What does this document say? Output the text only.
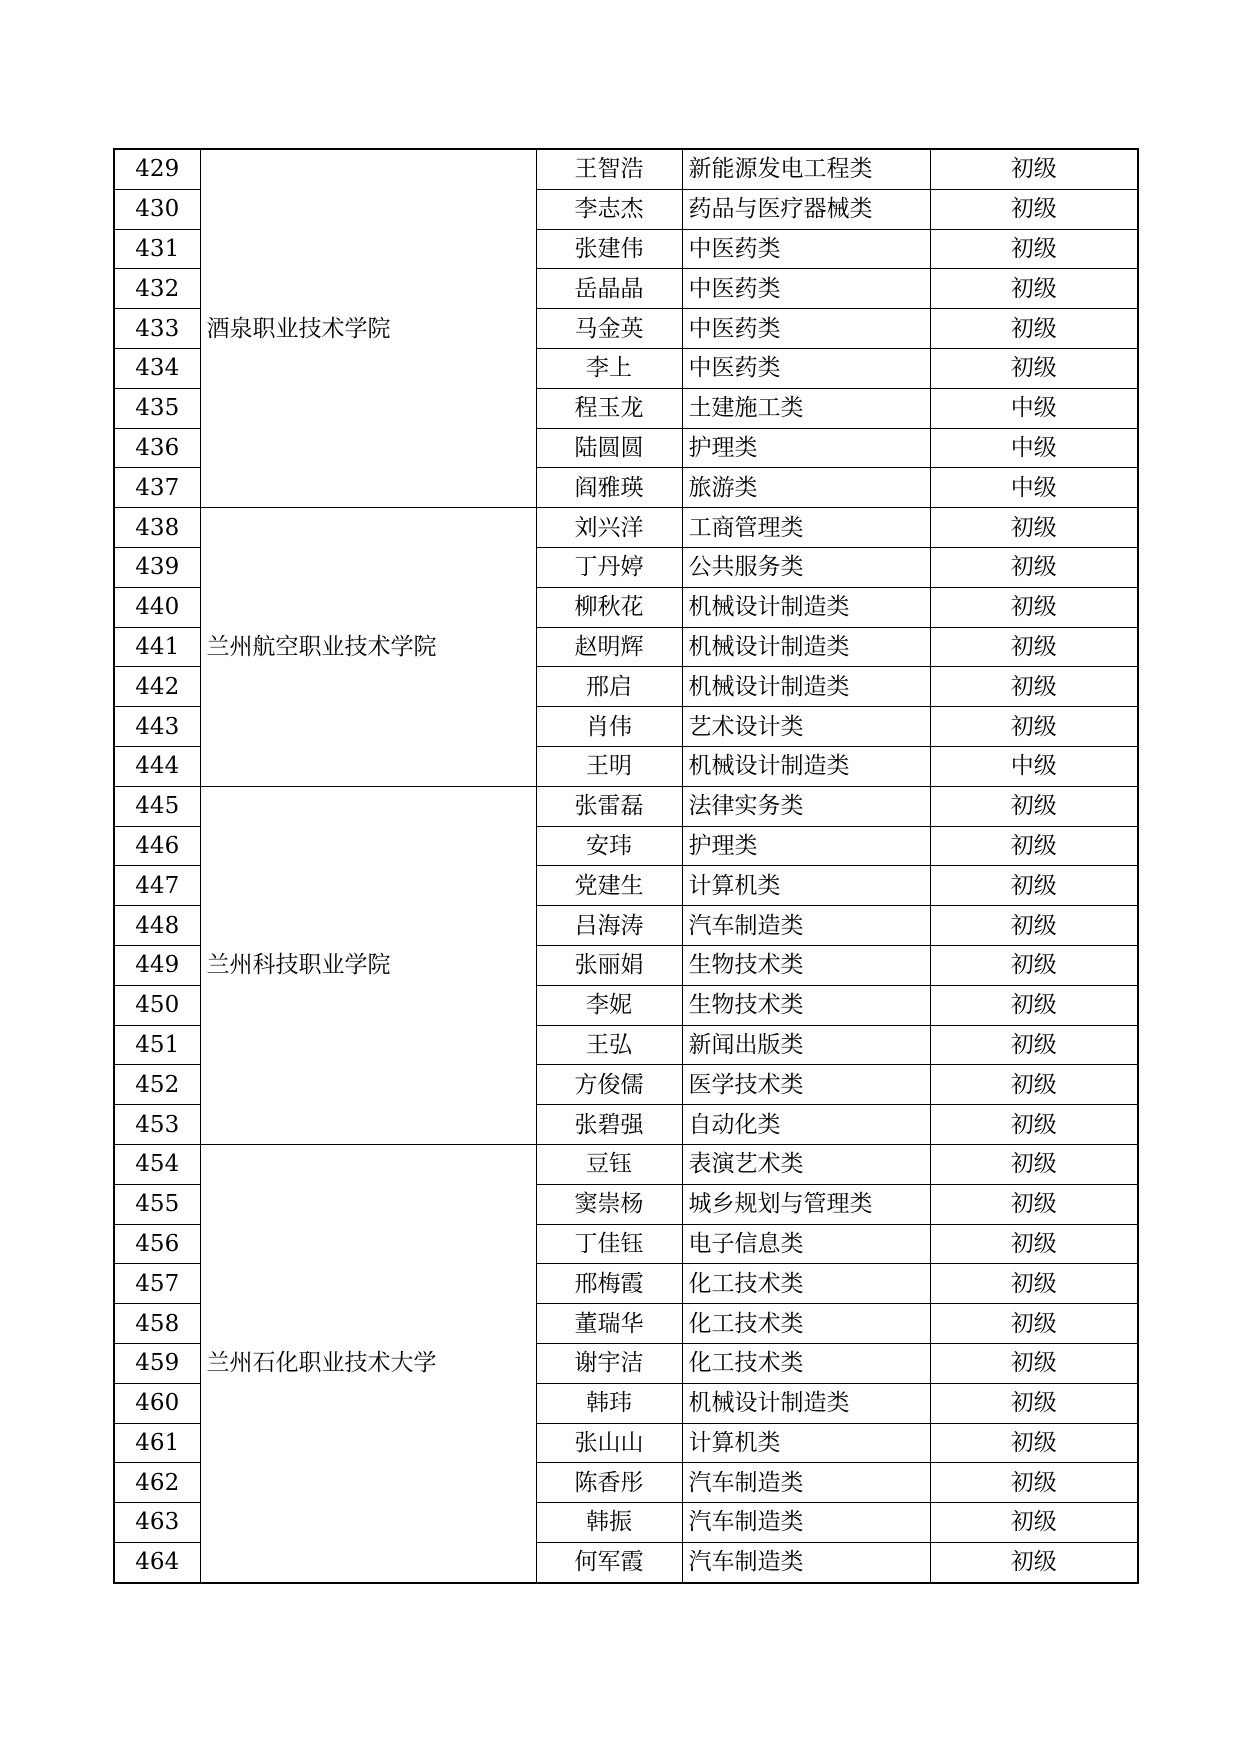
429	酒泉职业技术学院	王智浩	新能源发电工程类	初级
430		李志杰	药品与医疗器械类	初级
431		张建伟	中医药类	初级
432		岳晶晶	中医药类	初级
433		马金英	中医药类	初级
434		李上	中医药类	初级
435		程玉龙	土建施工类	中级
436		陆圆圆	护理类	中级
437		阎雅瑛	旅游类	中级
438	兰州航空职业技术学院	刘兴洋	工商管理类	初级
439		丁丹婷	公共服务类	初级
440		柳秋花	机械设计制造类	初级
441		赵明辉	机械设计制造类	初级
442		邢启	机械设计制造类	初级
443		肖伟	艺术设计类	初级
444		王明	机械设计制造类	中级
445	兰州科技职业学院	张雷磊	法律实务类	初级
446		安玮	护理类	初级
447		党建生	计算机类	初级
448		吕海涛	汽车制造类	初级
449		张丽娟	生物技术类	初级
450		李妮	生物技术类	初级
451		王弘	新闻出版类	初级
452		方俊儒	医学技术类	初级
453		张碧强	自动化类	初级
454	兰州石化职业技术大学	豆钰	表演艺术类	初级
455		窦崇杨	城乡规划与管理类	初级
456		丁佳钰	电子信息类	初级
457		邢梅霞	化工技术类	初级
458		董瑞华	化工技术类	初级
459		谢宇洁	化工技术类	初级
460		韩玮	机械设计制造类	初级
461		张山山	计算机类	初级
462		陈香彤	汽车制造类	初级
463		韩振	汽车制造类	初级
464		何军霞	汽车制造类	初级
